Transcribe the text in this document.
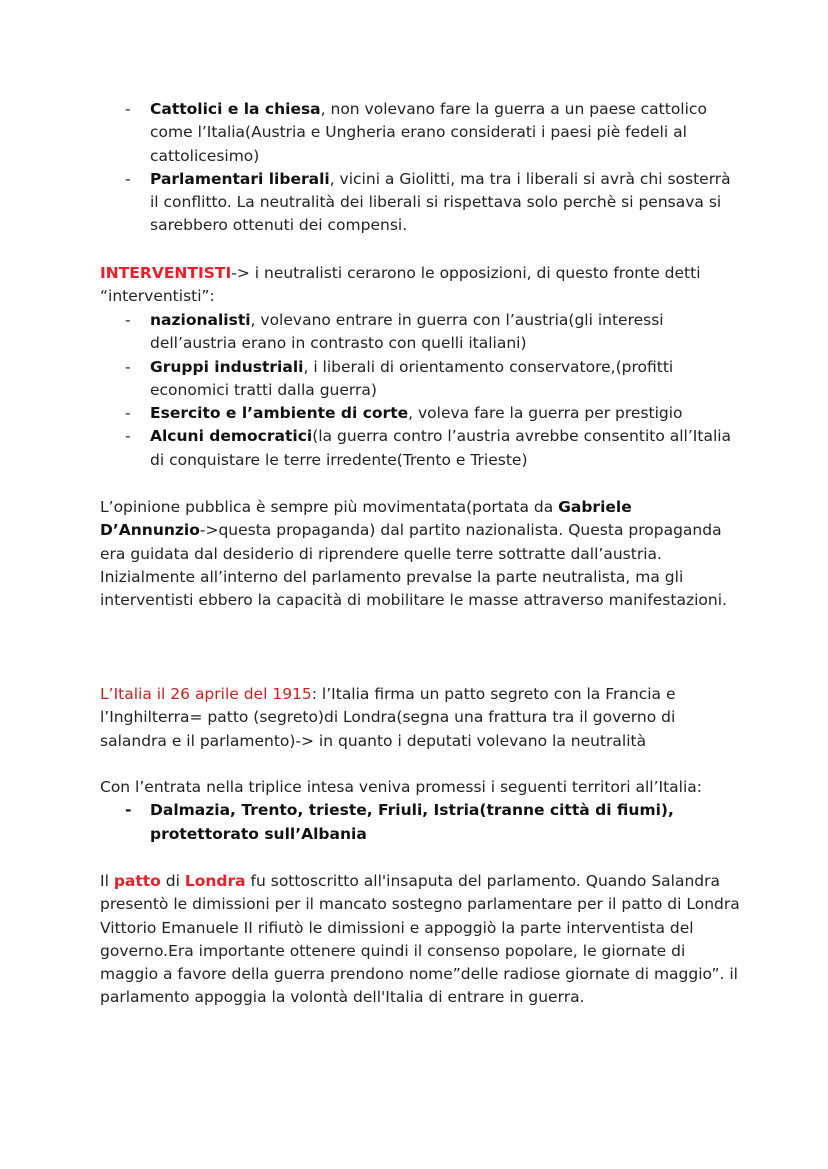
- Cattolici e la chiesa, non volevano fare la guerra a un paese cattolico come l’Italia(Austria e Ungheria erano considerati i paesi piè fedeli al cattolicesimo)
- Parlamentari liberali, vicini a Giolitti, ma tra i liberali si avrà chi sosterrà il conflitto. La neutralità dei liberali si rispettava solo perchè si pensava si sarebbero ottenuti dei compensi.

INTERVENTISTI-> i neutralisti cerarono le opposizioni, di questo fronte detti “interventisti”:

- nazionalisti, volevano entrare in guerra con l’austria(gli interessi dell’austria erano in contrasto con quelli italiani)
- Gruppi industriali, i liberali di orientamento conservatore,(profitti economici tratti dalla guerra)
- Esercito e l’ambiente di corte, voleva fare la guerra per prestigio
- Alcuni democratici(la guerra contro l’austria avrebbe consentito all’Italia di conquistare le terre irredente(Trento e Trieste)

L’opinione pubblica è sempre più movimentata(portata da Gabriele D’Annunzio->questa propaganda) dal partito nazionalista. Questa propaganda era guidata dal desiderio di riprendere quelle terre sottratte dall’austria.

Inizialmente all’interno del parlamento prevalse la parte neutralista, ma gli interventisti ebbero la capacità di mobilitare le masse attraverso manifestazioni.

L’Italia il 26 aprile del 1915: l’Italia firma un patto segreto con la Francia e l’Inghilterra= patto (segreto)di Londra(segna una frattura tra il governo di salandra e il parlamento)-> in quanto i deputati volevano la neutralità

Con l’entrata nella triplice intesa veniva promessi i seguenti territori all’Italia:

- Dalmazia, Trento, trieste, Friuli, Istria(tranne città di fiumi), protettorato sull’Albania

Il patto di Londra fu sottoscritto all'insaputa del parlamento. Quando Salandra presentò le dimissioni per il mancato sostegno parlamentare per il patto di Londra Vittorio Emanuele II rifiutò le dimissioni e appoggiò la parte interventista del governo.Era importante ottenere quindi il consenso popolare, le giornate di maggio a favore della guerra prendono nome”delle radiose giornate di maggio”. il parlamento appoggia la volontà dell'Italia di entrare in guerra.
